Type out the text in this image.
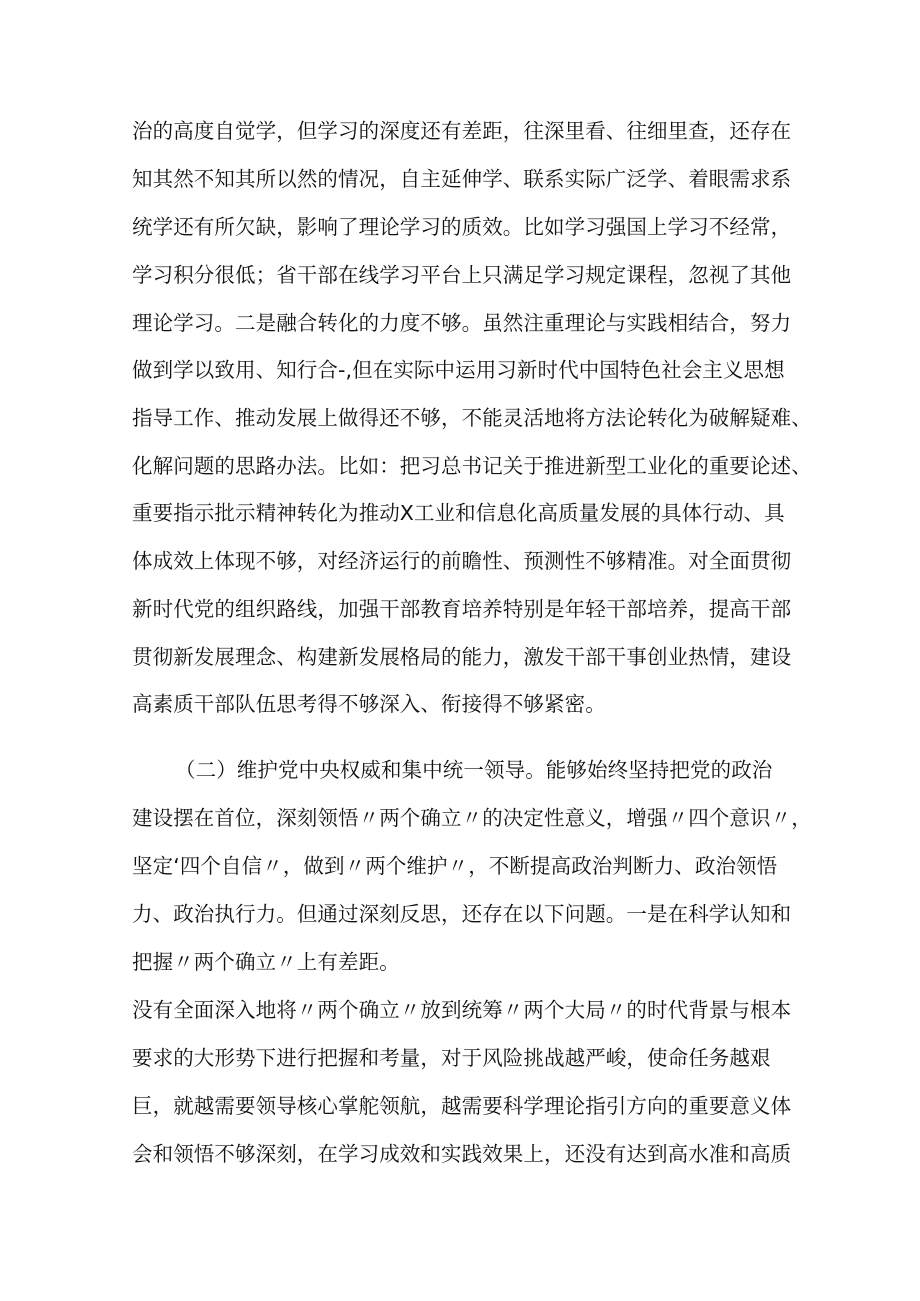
治的高度自觉学，但学习的深度还有差距，往深里看、往细里查，还存在
知其然不知其所以然的情况，自主延伸学、联系实际广泛学、着眼需求系
统学还有所欠缺，影响了理论学习的质效。比如学习强国上学习不经常，
学习积分很低；省干部在线学习平台上只满足学习规定课程，忽视了其他
理论学习。二是融合转化的力度不够。虽然注重理论与实践相结合，努力
做到学以致用、知行合-,但在实际中运用习新时代中国特色社会主义思想
指导工作、推动发展上做得还不够，不能灵活地将方法论转化为破解疑难、
化解问题的思路办法。比如：把习总书记关于推进新型工业化的重要论述、
重要指示批示精神转化为推动X工业和信息化高质量发展的具体行动、具
体成效上体现不够，对经济运行的前瞻性、预测性不够精准。对全面贯彻
新时代党的组织路线，加强干部教育培养特别是年轻干部培养，提高干部
贯彻新发展理念、构建新发展格局的能力，激发干部干事创业热情，建设
高素质干部队伍思考得不够深入、衔接得不够紧密。
（二）维护党中央权威和集中统一领导。能够始终坚持把党的政治
建设摆在首位，深刻领悟〃两个确立〃的决定性意义，增强〃四个意识〃，
坚定‘四个自信〃，做到〃两个维护〃，不断提高政治判断力、政治领悟
力、政治执行力。但通过深刻反思，还存在以下问题。一是在科学认知和
把握〃两个确立〃上有差距。
没有全面深入地将〃两个确立〃放到统筹〃两个大局〃的时代背景与根本
要求的大形势下进行把握和考量，对于风险挑战越严峻，使命任务越艰
巨，就越需要领导核心掌舵领航，越需要科学理论指引方向的重要意义体
会和领悟不够深刻，在学习成效和实践效果上，还没有达到高水准和高质
